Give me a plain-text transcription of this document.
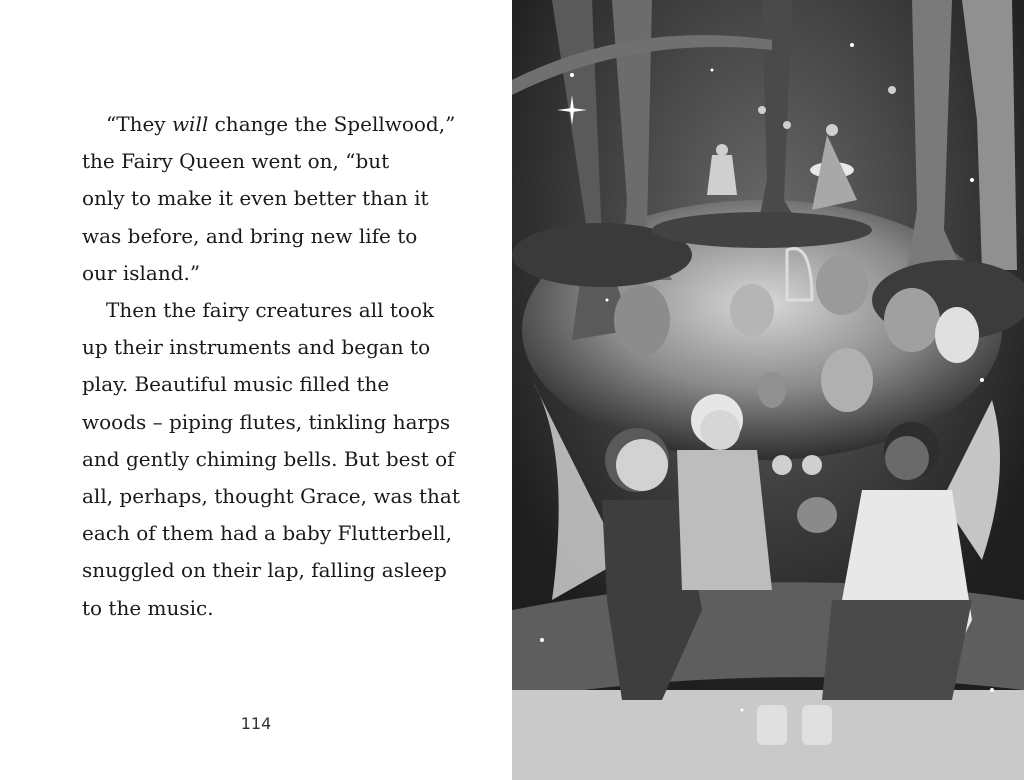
“They will change the Spellwood,”
the Fairy Queen went on, “but
only to make it even better than it
was before, and bring new life to
our island.”
Then the fairy creatures all took
up their instruments and began to
play. Beautiful music filled the
woods – piping flutes, tinkling harps
and gently chiming bells. But best of
all, perhaps, thought Grace, was that
each of them had a baby Flutterbell,
snuggled on their lap, falling asleep
to the music.
114
